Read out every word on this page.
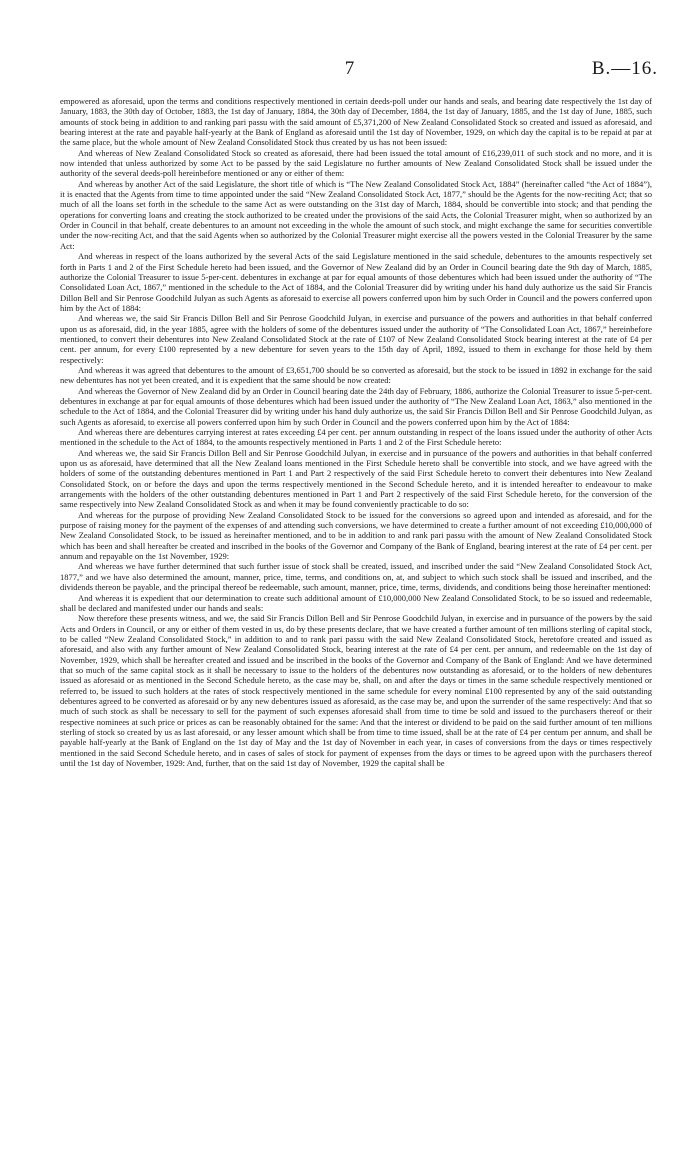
7	B.—16.

empowered as aforesaid, upon the terms and conditions respectively mentioned in certain deeds-poll under our hands and seals, and bearing date respectively the 1st day of January, 1883, the 30th day of October, 1883, the 1st day of January, 1884, the 30th day of December, 1884, the 1st day of January, 1885, and the 1st day of June, 1885, such amounts of stock being in addition to and ranking pari passu with the said amount of £5,371,200 of New Zealand Consolidated Stock so created and issued as aforesaid, and bearing interest at the rate and payable half-yearly at the Bank of England as aforesaid until the 1st day of November, 1929, on which day the capital is to be repaid at par at the same place, but the whole amount of New Zealand Consolidated Stock thus created by us has not been issued:

And whereas of New Zealand Consolidated Stock so created as aforesaid, there had been issued the total amount of £16,239,011 of such stock and no more, and it is now intended that unless authorized by some Act to be passed by the said Legislature no further amounts of New Zealand Consolidated Stock shall be issued under the authority of the several deeds-poll hereinbefore mentioned or any or either of them:

And whereas by another Act of the said Legislature, the short title of which is “The New Zealand Consolidated Stock Act, 1884” (hereinafter called “the Act of 1884”), it is enacted that the Agents from time to time appointed under the said “New Zealand Consolidated Stock Act, 1877,” should be the Agents for the now-reciting Act; that so much of all the loans set forth in the schedule to the same Act as were outstanding on the 31st day of March, 1884, should be convertible into stock; and that pending the operations for converting loans and creating the stock authorized to be created under the provisions of the said Acts, the Colonial Treasurer might, when so authorized by an Order in Council in that behalf, create debentures to an amount not exceeding in the whole the amount of such stock, and might exchange the same for securities convertible under the now-reciting Act, and that the said Agents when so authorized by the Colonial Treasurer might exercise all the powers vested in the Colonial Treasurer by the same Act:

And whereas in respect of the loans authorized by the several Acts of the said Legislature mentioned in the said schedule, debentures to the amounts respectively set forth in Parts 1 and 2 of the First Schedule hereto had been issued, and the Governor of New Zealand did by an Order in Council bearing date the 9th day of March, 1885, authorize the Colonial Treasurer to issue 5-per-cent. debentures in exchange at par for equal amounts of those debentures which had been issued under the authority of “The Consolidated Loan Act, 1867,” mentioned in the schedule to the Act of 1884, and the Colonial Treasurer did by writing under his hand duly authorize us the said Sir Francis Dillon Bell and Sir Penrose Goodchild Julyan as such Agents as aforesaid to exercise all powers conferred upon him by such Order in Council and the powers conferred upon him by the Act of 1884:

And whereas we, the said Sir Francis Dillon Bell and Sir Penrose Goodchild Julyan, in exercise and pursuance of the powers and authorities in that behalf conferred upon us as aforesaid, did, in the year 1885, agree with the holders of some of the debentures issued under the authority of “The Consolidated Loan Act, 1867,” hereinbefore mentioned, to convert their debentures into New Zealand Consolidated Stock at the rate of £107 of New Zealand Consolidated Stock bearing interest at the rate of £4 per cent. per annum, for every £100 represented by a new debenture for seven years to the 15th day of April, 1892, issued to them in exchange for those held by them respectively:

And whereas it was agreed that debentures to the amount of £3,651,700 should be so converted as aforesaid, but the stock to be issued in 1892 in exchange for the said new debentures has not yet been created, and it is expedient that the same should be now created:

And whereas the Governor of New Zealand did by an Order in Council bearing date the 24th day of February, 1886, authorize the Colonial Treasurer to issue 5-per-cent. debentures in exchange at par for equal amounts of those debentures which had been issued under the authority of “The New Zealand Loan Act, 1863,” also mentioned in the schedule to the Act of 1884, and the Colonial Treasurer did by writing under his hand duly authorize us, the said Sir Francis Dillon Bell and Sir Penrose Goodchild Julyan, as such Agents as aforesaid, to exercise all powers conferred upon him by such Order in Council and the powers conferred upon him by the Act of 1884:

And whereas there are debentures carrying interest at rates exceeding £4 per cent. per annum outstanding in respect of the loans issued under the authority of other Acts mentioned in the schedule to the Act of 1884, to the amounts respectively mentioned in Parts 1 and 2 of the First Schedule hereto:

And whereas we, the said Sir Francis Dillon Bell and Sir Penrose Goodchild Julyan, in exercise and in pursuance of the powers and authorities in that behalf conferred upon us as aforesaid, have determined that all the New Zealand loans mentioned in the First Schedule hereto shall be convertible into stock, and we have agreed with the holders of some of the outstanding debentures mentioned in Part 1 and Part 2 respectively of the said First Schedule hereto to convert their debentures into New Zealand Consolidated Stock, on or before the days and upon the terms respectively mentioned in the Second Schedule hereto, and it is intended hereafter to endeavour to make arrangements with the holders of the other outstanding debentures mentioned in Part 1 and Part 2 respectively of the said First Schedule hereto, for the conversion of the same respectively into New Zealand Consolidated Stock as and when it may be found conveniently practicable to do so:

And whereas for the purpose of providing New Zealand Consolidated Stock to be issued for the conversions so agreed upon and intended as aforesaid, and for the purpose of raising money for the payment of the expenses of and attending such conversions, we have determined to create a further amount of not exceeding £10,000,000 of New Zealand Consolidated Stock, to be issued as hereinafter mentioned, and to be in addition to and rank pari passu with the amount of New Zealand Consolidated Stock which has been and shall hereafter be created and inscribed in the books of the Governor and Company of the Bank of England, bearing interest at the rate of £4 per cent. per annum and repayable on the 1st November, 1929:

And whereas we have further determined that such further issue of stock shall be created, issued, and inscribed under the said “New Zealand Consolidated Stock Act, 1877,” and we have also determined the amount, manner, price, time, terms, and conditions on, at, and subject to which such stock shall be issued and inscribed, and the dividends thereon be payable, and the principal thereof be redeemable, such amount, manner, price, time, terms, dividends, and conditions being those hereinafter mentioned:

And whereas it is expedient that our determination to create such additional amount of £10,000,000 New Zealand Consolidated Stock, to be so issued and redeemable, shall be declared and manifested under our hands and seals:

Now therefore these presents witness, and we, the said Sir Francis Dillon Bell and Sir Penrose Goodchild Julyan, in exercise and in pursuance of the powers by the said Acts and Orders in Council, or any or either of them vested in us, do by these presents declare, that we have created a further amount of ten millions sterling of capital stock, to be called “New Zealand Consolidated Stock,” in addition to and to rank pari passu with the said New Zealand Consolidated Stock, heretofore created and issued as aforesaid, and also with any further amount of New Zealand Consolidated Stock, bearing interest at the rate of £4 per cent. per annum, and redeemable on the 1st day of November, 1929, which shall be hereafter created and issued and be inscribed in the books of the Governor and Company of the Bank of England: And we have determined that so much of the same capital stock as it shall be necessary to issue to the holders of the debentures now outstanding as aforesaid, or to the holders of new debentures issued as aforesaid or as mentioned in the Second Schedule hereto, as the case may be, shall, on and after the days or times in the same schedule respectively mentioned or referred to, be issued to such holders at the rates of stock respectively mentioned in the same schedule for every nominal £100 represented by any of the said outstanding debentures agreed to be converted as aforesaid or by any new debentures issued as aforesaid, as the case may be, and upon the surrender of the same respectively: And that so much of such stock as shall be necessary to sell for the payment of such expenses aforesaid shall from time to time be sold and issued to the purchasers thereof or their respective nominees at such price or prices as can be reasonably obtained for the same: And that the interest or dividend to be paid on the said further amount of ten millions sterling of stock so created by us as last aforesaid, or any lesser amount which shall be from time to time issued, shall be at the rate of £4 per centum per annum, and shall be payable half-yearly at the Bank of England on the 1st day of May and the 1st day of November in each year, in cases of conversions from the days or times respectively mentioned in the said Second Schedule hereto, and in cases of sales of stock for payment of expenses from the days or times to be agreed upon with the purchasers thereof until the 1st day of November, 1929: And, further, that on the said 1st day of November, 1929 the capital shall be
